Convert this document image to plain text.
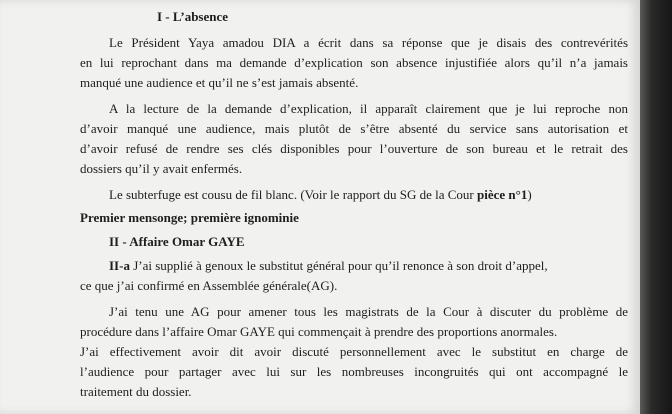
I - L’absence
Le Président Yaya amadou DIA a écrit dans sa réponse que je disais des contrevérités
en lui reprochant dans ma demande d’explication son absence injustifiée alors qu’il n’a jamais
manqué une audience et qu’il ne s’est jamais absenté.
A la lecture de la demande d’explication, il apparaît clairement que je lui reproche non
d’avoir manqué une audience, mais plutôt de s’être absenté du service sans autorisation et
d’avoir refusé de rendre ses clés disponibles pour l’ouverture de son bureau et le retrait des
dossiers qu’il y avait enfermés.
Le subterfuge est cousu de fil blanc. (Voir le rapport du SG de la Cour pièce n°1)
Premier mensonge; première ignominie
II - Affaire Omar GAYE
II-a J’ai supplié à genoux le substitut général pour qu’il renonce à son droit d’appel,
ce que j’ai confirmé en Assemblée générale(AG).
J’ai tenu une AG pour amener tous les magistrats de la Cour à discuter du problème de
procédure dans l’affaire Omar GAYE qui commençait à prendre des proportions anormales.
J’ai effectivement avoir dit avoir discuté personnellement avec le substitut en charge de
l’audience pour partager avec lui sur les nombreuses incongruités qui ont accompagné le
traitement du dossier.
